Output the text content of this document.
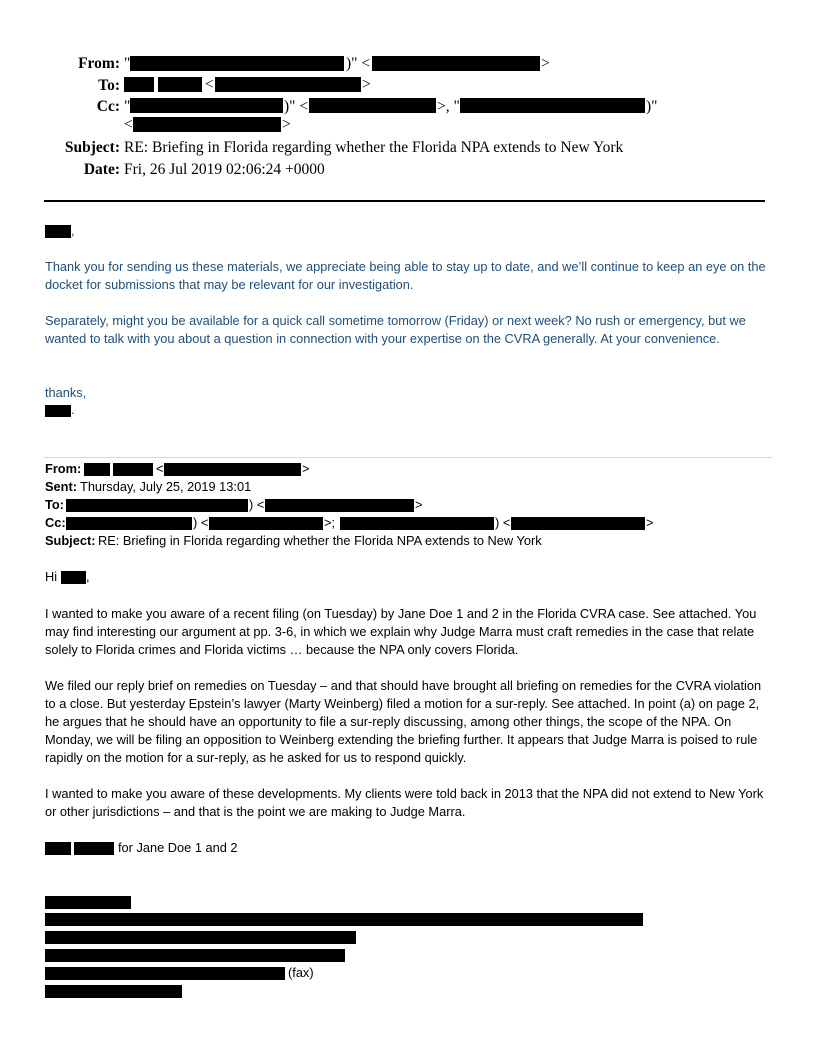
From: "	)" <	>
To:	<	>
Cc: "	)" <	>, "	)"
<	>
Subject: RE: Briefing in Florida regarding whether the Florida NPA extends to New York
Date: Fri, 26 Jul 2019 02:06:24 +0000
,

Thank you for sending us these materials, we appreciate being able to stay up to date, and we’ll continue to keep an eye on the docket for submissions that may be relevant for our investigation.

Separately, might you be available for a quick call sometime tomorrow (Friday) or next week? No rush or emergency, but we wanted to talk with you about a question in connection with your expertise on the CVRA generally. At your convenience.

thanks,

.
From:	<	>
Sent: Thursday, July 25, 2019 13:01
To:	) <	>
Cc:	) <	>;	) <	>
Subject: RE: Briefing in Florida regarding whether the Florida NPA extends to New York
Hi ,

I wanted to make you aware of a recent filing (on Tuesday) by Jane Doe 1 and 2 in the Florida CVRA case. See attached. You may find interesting our argument at pp. 3-6, in which we explain why Judge Marra must craft remedies in the case that relate solely to Florida crimes and Florida victims … because the NPA only covers Florida.

We filed our reply brief on remedies on Tuesday – and that should have brought all briefing on remedies for the CVRA violation to a close. But yesterday Epstein’s lawyer (Marty Weinberg) filed a motion for a sur-reply. See attached. In point (a) on page 2, he argues that he should have an opportunity to file a sur-reply discussing, among other things, the scope of the NPA. On Monday, we will be filing an opposition to Weinberg extending the briefing further. It appears that Judge Marra is poised to rule rapidly on the motion for a sur-reply, as he asked for us to respond quickly.

I wanted to make you aware of these developments. My clients were told back in 2013 that the NPA did not extend to New York or other jurisdictions – and that is the point we are making to Judge Marra.

for Jane Doe 1 and 2
(fax)
